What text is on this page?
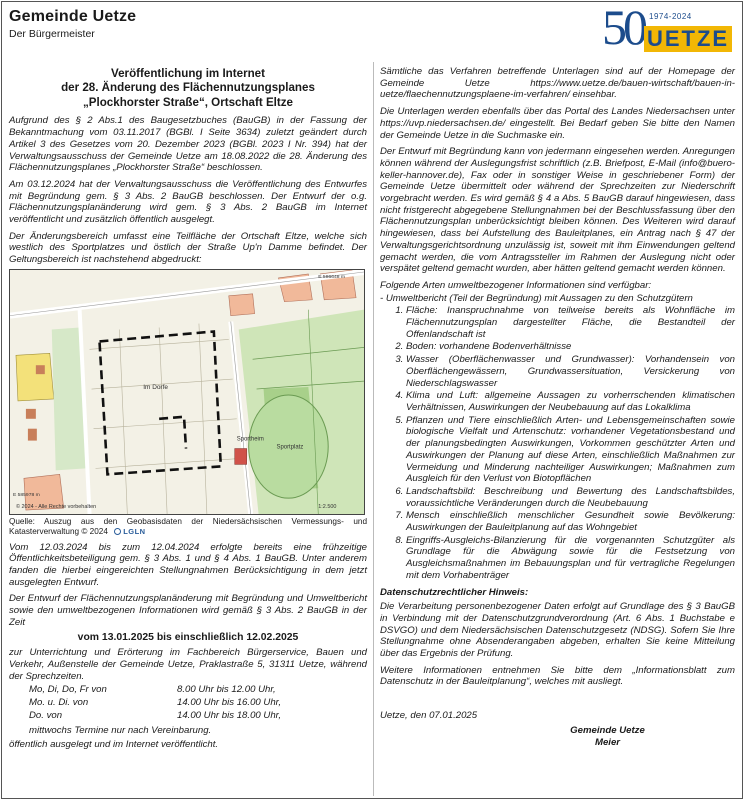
Gemeinde Uetze
Der Bürgermeister	50 1974-2024
UETZE
Veröffentlichung im Internet
der 28. Änderung des Flächennutzungsplanes
„Plockhorster Straße“, Ortschaft Eltze

Aufgrund des § 2 Abs.1 des Baugesetzbuches (BauGB) in der Fassung der Bekanntmachung vom 03.11.2017 (BGBl. I Seite 3634) zuletzt geändert durch Artikel 3 des Gesetzes vom 20. Dezember 2023 (BGBl. 2023 I Nr. 394) hat der Verwaltungsausschuss der Gemeinde Uetze am 18.08.2022 die 28. Änderung des Flächennutzungsplanes „Plockhorster Straße“ beschlossen.

Am 03.12.2024 hat der Verwaltungsausschuss die Veröffentlichung des Entwurfes mit Begründung gem. § 3 Abs. 2 BauGB beschlossen. Der Entwurf der o.g. Flächennutzungsplanänderung wird gem. § 3 Abs. 2 BauGB im Internet veröffentlicht und zusätzlich öffentlich ausgelegt.

Der Änderungsbereich umfasst eine Teilfläche der Ortschaft Eltze, welche sich westlich des Sportplatzes und östlich der Straße Up'n Damme befindet. Der Geltungsbereich ist nachstehend abgedruckt:

Im Dorfe
Sportheim
Sportplatz
© 2024 - Alle Rechte vorbehalten	1:2.500
E 586648 m
E 585978 m
Quelle: Auszug aus den Geobasisdaten der Niedersächsischen Vermessungs- und Katasterverwaltung © 2024 LGLN

Vom 12.03.2024 bis zum 12.04.2024 erfolgte bereits eine frühzeitige Öffentlichkeitsbeteiligung gem. § 3 Abs. 1 und § 4 Abs. 1 BauGB. Unter anderem fanden die hierbei eingereichten Stellungnahmen Berücksichtigung in dem jetzt ausgelegten Entwurf.

Der Entwurf der Flächennutzungsplanänderung mit Begründung und Umweltbericht sowie den umweltbezogenen Informationen wird gemäß § 3 Abs. 2 BauGB in der Zeit

vom 13.01.2025 bis einschließlich 12.02.2025

zur Unterrichtung und Erörterung im Fachbereich Bürgerservice, Bauen und Verkehr, Außenstelle der Gemeinde Uetze, Praklastraße 5, 31311 Uetze, während der Sprechzeiten.

Mo, Di, Do, Fr von	8.00 Uhr bis 12.00 Uhr,
Mo. u. Di. von	14.00 Uhr bis 16.00 Uhr,
Do. von	14.00 Uhr bis 18.00 Uhr,

mittwochs Termine nur nach Vereinbarung.

öffentlich ausgelegt und im Internet veröffentlicht.

Sämtliche das Verfahren betreffende Unterlagen sind auf der Homepage der Gemeinde Uetze https://www.uetze.de/bauen-wirtschaft/bauen-in-uetze/flaechennutzungsplaene-im-verfahren/ einsehbar.

Die Unterlagen werden ebenfalls über das Portal des Landes Niedersachsen unter https://uvp.niedersachsen.de/ eingestellt. Bei Bedarf geben Sie bitte den Namen der Gemeinde Uetze in die Suchmaske ein.

Der Entwurf mit Begründung kann von jedermann eingesehen werden. Anregungen können während der Auslegungsfrist schriftlich (z.B. Briefpost, E-Mail (info@buero-keller-hannover.de), Fax oder in sonstiger Weise in geschriebener Form) der Gemeinde Uetze übermittelt oder während der Sprechzeiten zur Niederschrift vorgebracht werden. Es wird gemäß § 4 a Abs. 5 BauGB darauf hingewiesen, dass nicht fristgerecht abgegebene Stellungnahmen bei der Beschlussfassung über den Flächennutzungsplan unberücksichtigt bleiben können. Des Weiteren wird darauf hingewiesen, dass bei Aufstellung des Bauleitplanes, ein Antrag nach § 47 der Verwaltungsgerichtsordnung unzulässig ist, soweit mit ihm Einwendungen geltend gemacht werden, die vom Antragssteller im Rahmen der Auslegung nicht oder verspätet geltend gemacht wurden, aber hätten geltend gemacht werden können.

Folgende Arten umweltbezogener Informationen sind verfügbar:

- Umweltbericht (Teil der Begründung) mit Aussagen zu den Schutzgütern

1. Fläche: Inanspruchnahme von teilweise bereits als Wohnfläche im Flächennutzungsplan dargestellter Fläche, die Bestandteil der Offenlandschaft ist
2. Boden: vorhandene Bodenverhältnisse
3. Wasser (Oberflächenwasser und Grundwasser): Vorhandensein von Oberflächengewässern, Grundwassersituation, Versickerung von Niederschlagswasser
4. Klima und Luft: allgemeine Aussagen zu vorherrschenden klimatischen Verhältnissen, Auswirkungen der Neubebauung auf das Lokalklima
5. Pflanzen und Tiere einschließlich Arten- und Lebensgemeinschaften sowie biologische Vielfalt und Artenschutz: vorhandener Vegetationsbestand und der planungsbedingten Auswirkungen, Vorkommen geschützter Arten und Auswirkungen der Planung auf diese Arten, einschließlich Maßnahmen zur Vermeidung und Minderung nachteiliger Auswirkungen; Maßnahmen zum Ausgleich für den Verlust von Biotopflächen
6. Landschaftsbild: Beschreibung und Bewertung des Landschaftsbildes, voraussichtliche Veränderungen durch die Neubebauung
7. Mensch einschließlich menschlicher Gesundheit sowie Bevölkerung: Auswirkungen der Bauleitplanung auf das Wohngebiet
8. Eingriffs-Ausgleichs-Bilanzierung für die vorgenannten Schutzgüter als Grundlage für die Abwägung sowie für die Festsetzung von Ausgleichsmaßnahmen im Bebauungsplan und für vertragliche Regelungen mit dem Vorhabenträger
Datenschutzrechtlicher Hinweis:

Die Verarbeitung personenbezogener Daten erfolgt auf Grundlage des § 3 BauGB in Verbindung mit der Datenschutzgrundverordnung (Art. 6 Abs. 1 Buchstabe e DSVGO) und dem Niedersächsischen Datenschutzgesetz (NDSG). Sofern Sie Ihre Stellungnahme ohne Absenderangaben abgeben, erhalten Sie keine Mitteilung über das Ergebnis der Prüfung.

Weitere Informationen entnehmen Sie bitte dem „Informationsblatt zum Datenschutz in der Bauleitplanung“, welches mit ausliegt.

Uetze, den 07.01.2025

Gemeinde Uetze
Meier
